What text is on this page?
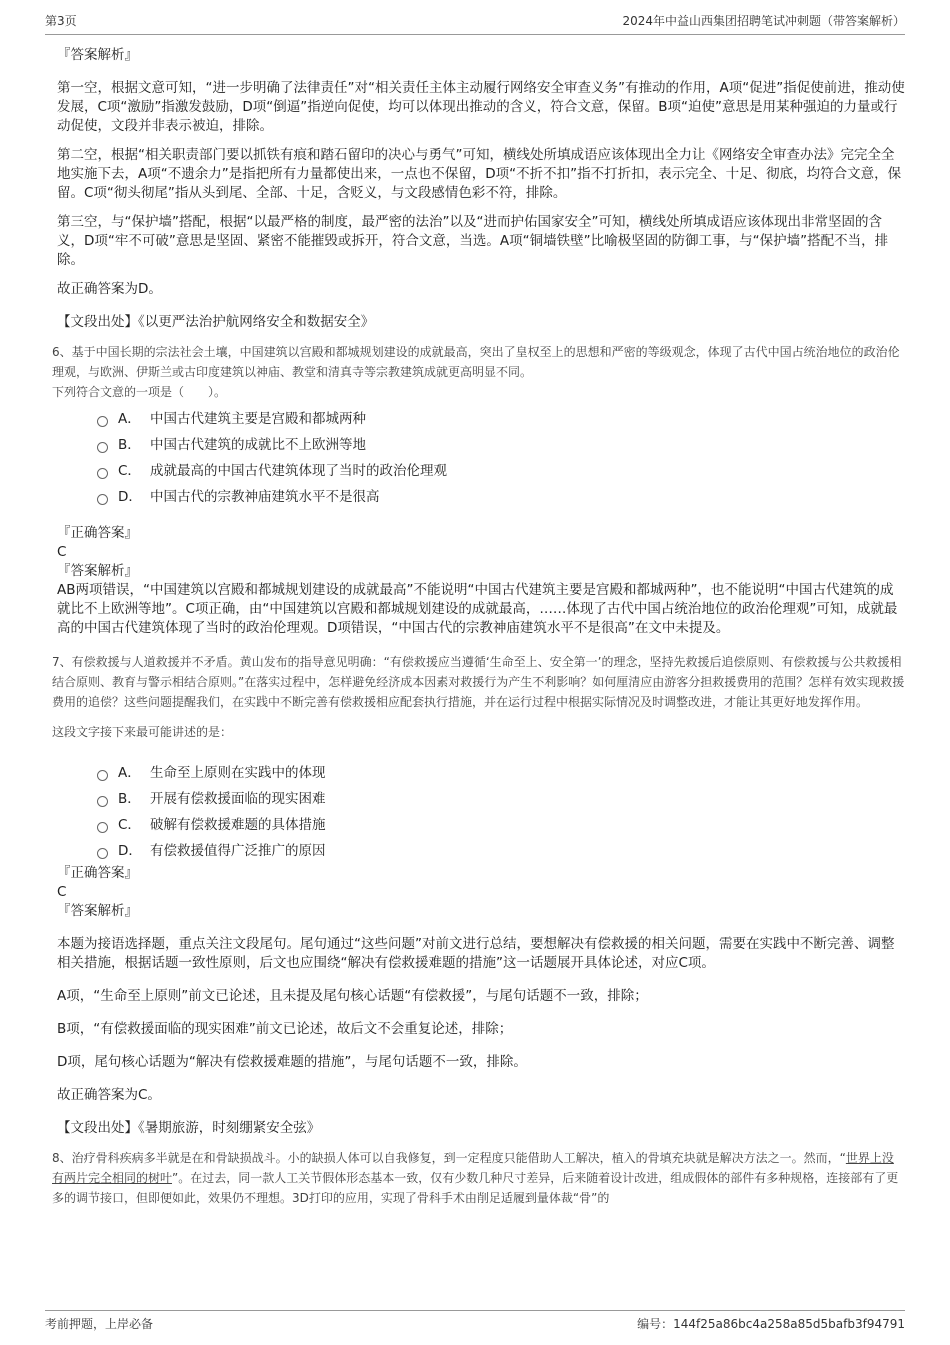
第3页	2024年中益山西集团招聘笔试冲刺题（带答案解析）

『答案解析』

第一空，根据文意可知，“进一步明确了法律责任”对“相关责任主体主动履行网络安全审查义务”有推动的作用，A项“促进”指促使前进，推动使发展，C项“激励”指激发鼓励，D项“倒逼”指逆向促使，均可以体现出推动的含义，符合文意，保留。B项“迫使”意思是用某种强迫的力量或行动促使，文段并非表示被迫，排除。

第二空，根据“相关职责部门要以抓铁有痕和踏石留印的决心与勇气”可知，横线处所填成语应该体现出全力让《网络安全审查办法》完完全全地实施下去，A项“不遗余力”是指把所有力量都使出来，一点也不保留，D项“不折不扣”指不打折扣，表示完全、十足、彻底，均符合文意，保留。C项“彻头彻尾”指从头到尾、全部、十足，含贬义，与文段感情色彩不符，排除。

第三空，与“保护墙”搭配，根据“以最严格的制度，最严密的法治”以及“进而护佑国家安全”可知，横线处所填成语应该体现出非常坚固的含义，D项“牢不可破”意思是坚固、紧密不能摧毁或拆开，符合文意，当选。A项“铜墙铁壁”比喻极坚固的防御工事，与“保护墙”搭配不当，排除。

故正确答案为D。

【文段出处】《以更严法治护航网络安全和数据安全》

6、基于中国长期的宗法社会土壤，中国建筑以宫殿和都城规划建设的成就最高，突出了皇权至上的思想和严密的等级观念，体现了古代中国占统治地位的政治伦理观，与欧洲、伊斯兰或古印度建筑以神庙、教堂和清真寺等宗教建筑成就更高明显不同。

下列符合文意的一项是（　　）。

A． 中国古代建筑主要是宫殿和都城两种
B． 中国古代建筑的成就比不上欧洲等地
C． 成就最高的中国古代建筑体现了当时的政治伦理观
D． 中国古代的宗教神庙建筑水平不是很高

『正确答案』

C

『答案解析』

AB两项错误，“中国建筑以宫殿和都城规划建设的成就最高”不能说明“中国古代建筑主要是宫殿和都城两种”，也不能说明“中国古代建筑的成就比不上欧洲等地”。C项正确，由“中国建筑以宫殿和都城规划建设的成就最高，……体现了古代中国占统治地位的政治伦理观”可知，成就最高的中国古代建筑体现了当时的政治伦理观。D项错误，“中国古代的宗教神庙建筑水平不是很高”在文中未提及。

7、有偿救援与人道救援并不矛盾。黄山发布的指导意见明确：“有偿救援应当遵循‘生命至上、安全第一’的理念，坚持先救援后追偿原则、有偿救援与公共救援相结合原则、教育与警示相结合原则。”在落实过程中，怎样避免经济成本因素对救援行为产生不利影响？如何厘清应由游客分担救援费用的范围？怎样有效实现救援费用的追偿？这些问题提醒我们，在实践中不断完善有偿救援相应配套执行措施，并在运行过程中根据实际情况及时调整改进，才能让其更好地发挥作用。

这段文字接下来最可能讲述的是：

A． 生命至上原则在实践中的体现
B． 开展有偿救援面临的现实困难
C． 破解有偿救援难题的具体措施
D． 有偿救援值得广泛推广的原因

『正确答案』

C

『答案解析』

本题为接语选择题，重点关注文段尾句。尾句通过“这些问题”对前文进行总结，要想解决有偿救援的相关问题，需要在实践中不断完善、调整相关措施，根据话题一致性原则，后文也应围绕“解决有偿救援难题的措施”这一话题展开具体论述，对应C项。

A项，“生命至上原则”前文已论述，且未提及尾句核心话题“有偿救援”，与尾句话题不一致，排除；

B项，“有偿救援面临的现实困难”前文已论述，故后文不会重复论述，排除；

D项，尾句核心话题为“解决有偿救援难题的措施”，与尾句话题不一致，排除。

故正确答案为C。

【文段出处】《暑期旅游，时刻绷紧安全弦》

8、治疗骨科疾病多半就是在和骨缺损战斗。小的缺损人体可以自我修复，到一定程度只能借助人工解决，植入的骨填充块就是解决方法之一。然而，“世界上没有两片完全相同的树叶”。在过去，同一款人工关节假体形态基本一致，仅有少数几种尺寸差异，后来随着设计改进，组成假体的部件有多种规格，连接部有了更多的调节接口，但即便如此，效果仍不理想。3D打印的应用，实现了骨科手术由削足适履到量体裁“骨”的

考前押题，上岸必备	编号：144f25a86bc4a258a85d5bafb3f94791
